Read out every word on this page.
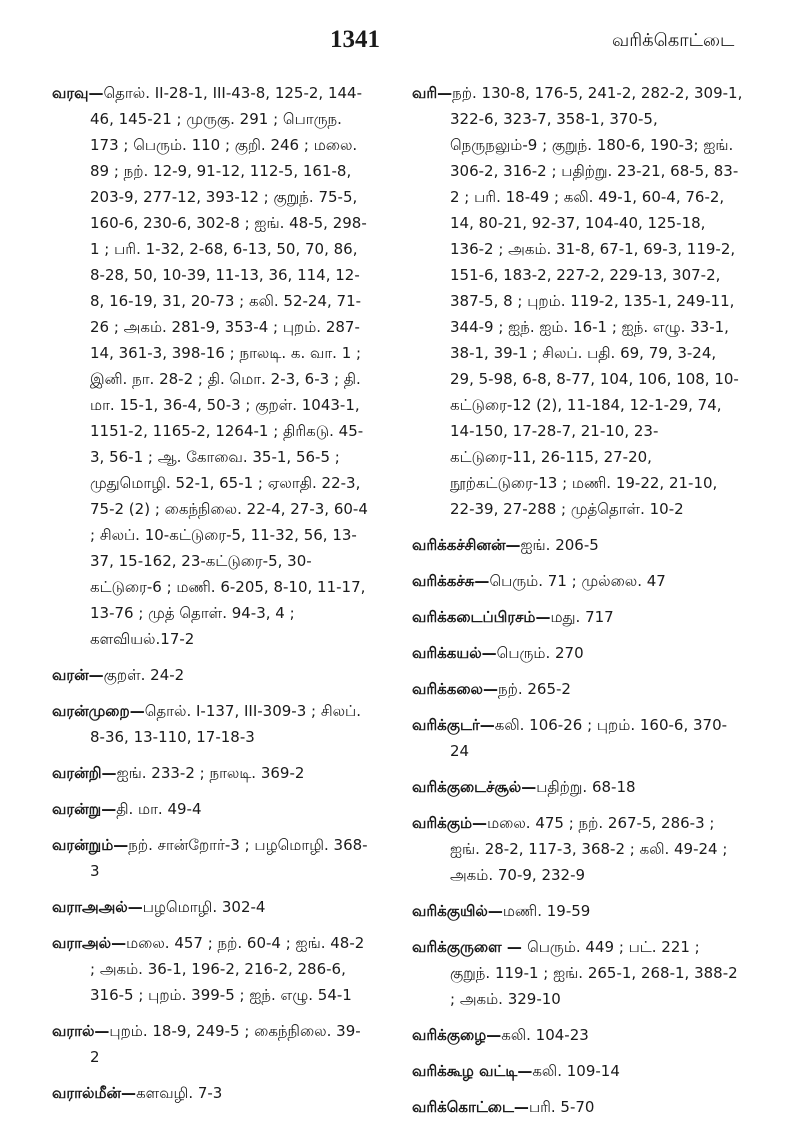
1341	வரிக்கொட்டை
வரவு—தொல். II-28-1, III-43-8, 125-2, 144-46, 145-21 ; முருகு. 291 ; பொருந. 173 ; பெரும். 110 ; குறி. 246 ; மலை. 89 ; நற். 12-9, 91-12, 112-5, 161-8, 203-9, 277-12, 393-12 ; குறுந். 75-5, 160-6, 230-6, 302-8 ; ஐங். 48-5, 298-1 ; பரி. 1-32, 2-68, 6-13, 50, 70, 86, 8-28, 50, 10-39, 11-13, 36, 114, 12-8, 16-19, 31, 20-73 ; கலி. 52-24, 71-26 ; அகம். 281-9, 353-4 ; புறம். 287-14, 361-3, 398-16 ; நாலடி. க. வா. 1 ; இனி. நா. 28-2 ; தி. மொ. 2-3, 6-3 ; தி. மா. 15-1, 36-4, 50-3 ; குறள். 1043-1, 1151-2, 1165-2, 1264-1 ; திரிகடு. 45-3, 56-1 ; ஆ. கோவை. 35-1, 56-5 ; முதுமொழி. 52-1, 65-1 ; ஏலாதி. 22-3, 75-2 (2) ; கைந்நிலை. 22-4, 27-3, 60-4 ; சிலப். 10-கட்டுரை-5, 11-32, 56, 13-37, 15-162, 23-கட்டுரை-5, 30-கட்டுரை-6 ; மணி. 6-205, 8-10, 11-17, 13-76 ; முத் தொள். 94-3, 4 ; களவியல்.17-2
வரன்—குறள். 24-2
வரன்முறை—தொல். I-137, III-309-3 ; சிலப். 8-36, 13-110, 17-18-3
வரன்றி—ஐங். 233-2 ; நாலடி. 369-2
வரன்று—தி. மா. 49-4
வரன்றும்—நற். சான்றோர்-3 ; பழமொழி. 368-3
வராஅஅல்—பழமொழி. 302-4
வராஅல்—மலை. 457 ; நற். 60-4 ; ஐங். 48-2 ; அகம். 36-1, 196-2, 216-2, 286-6, 316-5 ; புறம். 399-5 ; ஐந். எழு. 54-1
வரால்—புறம். 18-9, 249-5 ; கைந்நிலை. 39-2
வரால்மீன்—களவழி. 7-3
வரி—நற். 130-8, 176-5, 241-2, 282-2, 309-1, 322-6, 323-7, 358-1, 370-5, நெருநலும்-9 ; குறுந். 180-6, 190-3; ஐங். 306-2, 316-2 ; பதிற்று. 23-21, 68-5, 83-2 ; பரி. 18-49 ; கலி. 49-1, 60-4, 76-2, 14, 80-21, 92-37, 104-40, 125-18, 136-2 ; அகம். 31-8, 67-1, 69-3, 119-2, 151-6, 183-2, 227-2, 229-13, 307-2, 387-5, 8 ; புறம். 119-2, 135-1, 249-11, 344-9 ; ஐந். ஐம். 16-1 ; ஐந். எழு. 33-1, 38-1, 39-1 ; சிலப். பதி. 69, 79, 3-24, 29, 5-98, 6-8, 8-77, 104, 106, 108, 10-கட்டுரை-12 (2), 11-184, 12-1-29, 74, 14-150, 17-28-7, 21-10, 23-கட்டுரை-11, 26-115, 27-20, நூற்கட்டுரை-13 ; மணி. 19-22, 21-10, 22-39, 27-288 ; முத்தொள். 10-2
வரிக்கச்சினன்—ஐங். 206-5
வரிக்கச்சு—பெரும். 71 ; முல்லை. 47
வரிக்கடைப்பிரசம்—மது. 717
வரிக்கயல்—பெரும். 270
வரிக்கலை—நற். 265-2
வரிக்குடர்—கலி. 106-26 ; புறம். 160-6, 370-24
வரிக்குடைச்சூல்—பதிற்று. 68-18
வரிக்கும்—மலை. 475 ; நற். 267-5, 286-3 ; ஐங். 28-2, 117-3, 368-2 ; கலி. 49-24 ; அகம். 70-9, 232-9
வரிக்குயில்—மணி. 19-59
வரிக்குருளை — பெரும். 449 ; பட். 221 ; குறுந். 119-1 ; ஐங். 265-1, 268-1, 388-2 ; அகம். 329-10
வரிக்குழை—கலி. 104-23
வரிக்கூழ வட்டி—கலி. 109-14
வரிக்கொட்டை—பரி. 5-70
